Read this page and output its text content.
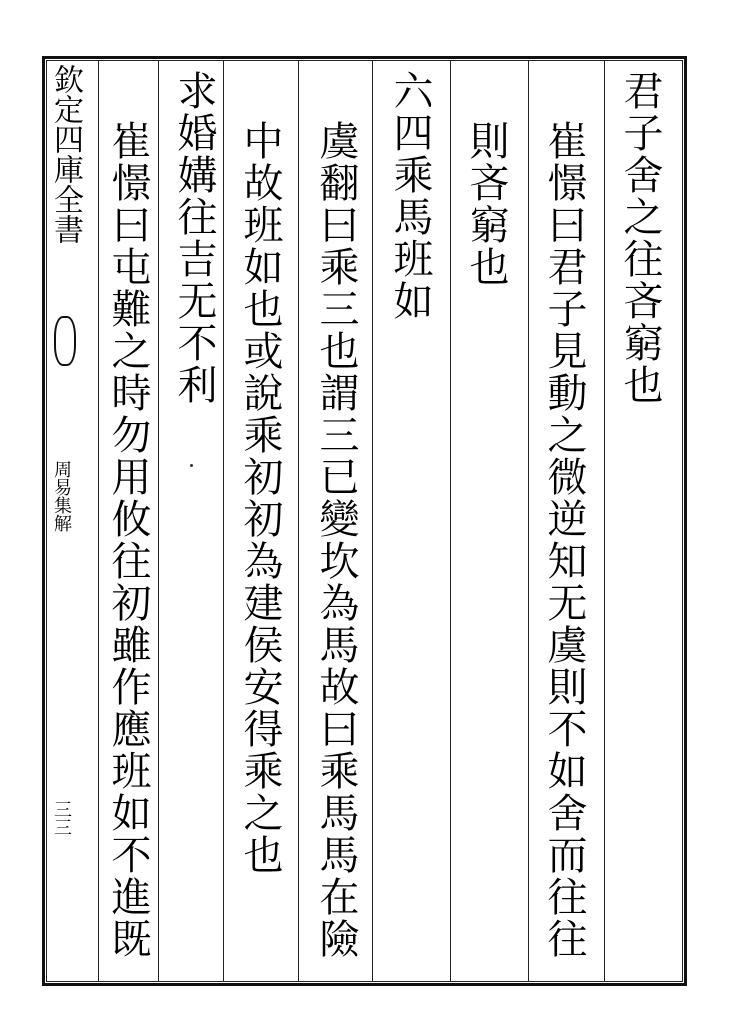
欽定四庫全書
周易集解
三三
君子舍之往吝窮也
崔憬曰君子見動之微逆知无虞則不如舍而往往
則吝窮也
六四乘馬班如
虞翻曰乘三也謂三已變坎為馬故曰乘馬馬在險
中故班如也或說乘初初為建侯安得乘之也
求婚媾往吉无不利
崔憬曰屯難之時勿用攸往初雖作應班如不進既
